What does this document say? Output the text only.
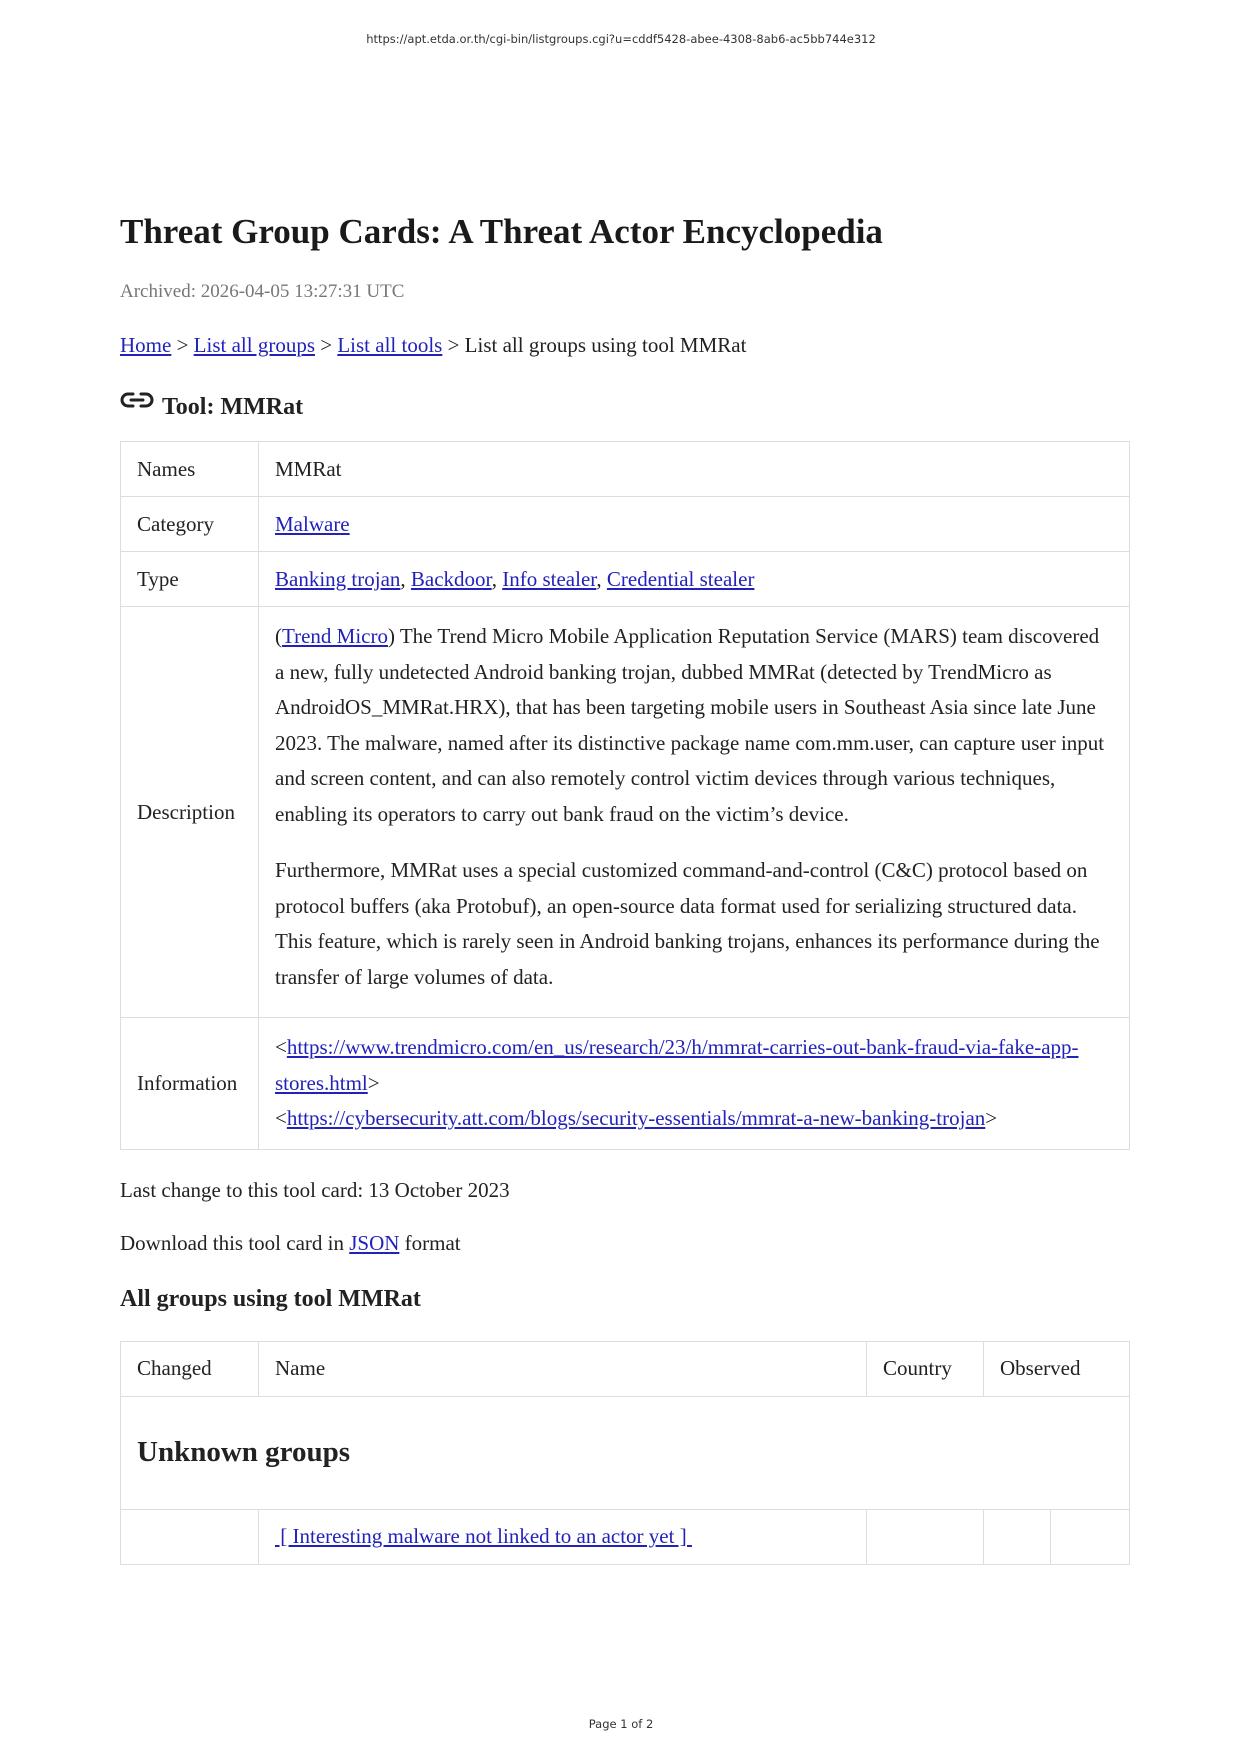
https://apt.etda.or.th/cgi-bin/listgroups.cgi?u=cddf5428-abee-4308-8ab6-ac5bb744e312
Threat Group Cards: A Threat Actor Encyclopedia
Archived: 2026-04-05 13:27:31 UTC
Home > List all groups > List all tools > List all groups using tool MMRat
Tool: MMRat
Names	MMRat
Category	Malware
Type	Banking trojan, Backdoor, Info stealer, Credential stealer
Description	(Trend Micro) The Trend Micro Mobile Application Reputation Service (MARS) team discovered a new, fully undetected Android banking trojan, dubbed MMRat (detected by TrendMicro as AndroidOS_MMRat.HRX), that has been targeting mobile users in Southeast Asia since late June 2023. The malware, named after its distinctive package name com.mm.user, can capture user input and screen content, and can also remotely control victim devices through various techniques, enabling its operators to carry out bank fraud on the victim’s device.

Furthermore, MMRat uses a special customized command-and-control (C&C) protocol based on protocol buffers (aka Protobuf), an open-source data format used for serializing structured data. This feature, which is rarely seen in Android banking trojans, enhances its performance during the transfer of large volumes of data.

Information	<https://www.trendmicro.com/en_us/research/23/h/mmrat-carries-out-bank-fraud-via-fake-app-stores.html>
<https://cybersecurity.att.com/blogs/security-essentials/mmrat-a-new-banking-trojan>
Last change to this tool card: 13 October 2023
Download this tool card in JSON format
All groups using tool MMRat
Changed	Name	Country	Observed	
Unknown groups				
	[ Interesting malware not linked to an actor yet ]			
Page 1 of 2
